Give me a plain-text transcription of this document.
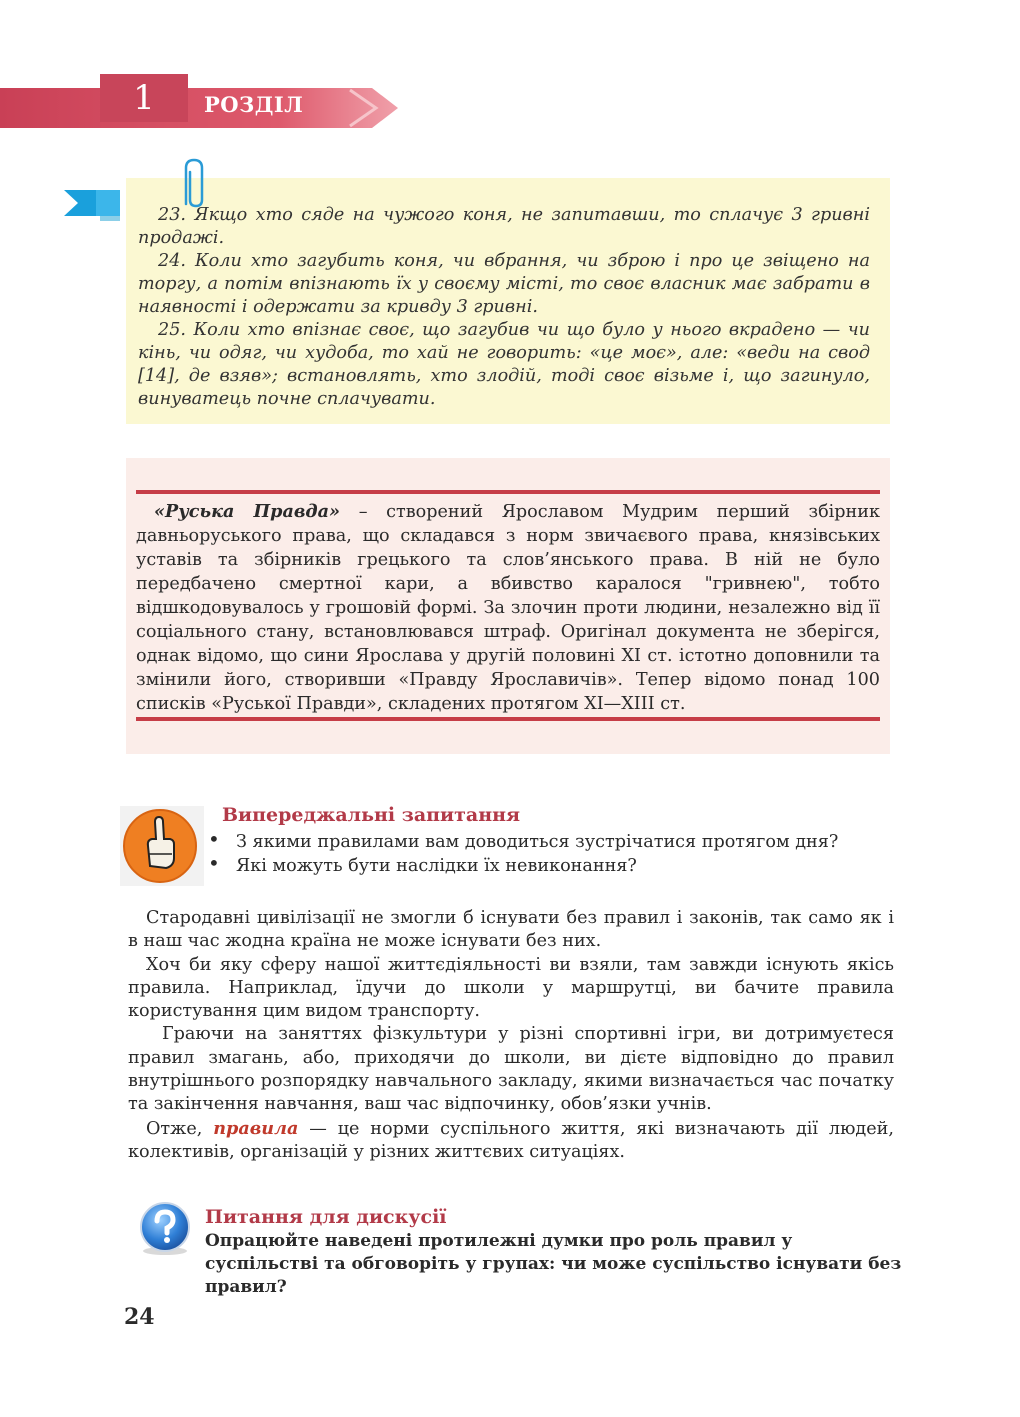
1	РОЗДІЛ

23. Якщо хто сяде на чужого коня, не запитавши, то сплачує 3 гривні продажі.

24. Коли хто загубить коня, чи вбрання, чи зброю і про це звіщено на торгу, а потім впізнають їх у своєму місті, то своє власник має забрати в наявності і одержати за кривду 3 гривні.

25. Коли хто впізнає своє, що загубив чи що було у нього вкрадено — чи кінь, чи одяг, чи худоба, то хай не говорить: «це моє», але: «веди на свод [14], де взяв»; встановлять, хто злодій, тоді своє візьме і, що загинуло, винуватець почне сплачувати.

«Руська Правда» – створений Ярославом Мудрим перший збірник давньоруського права, що складався з норм звичаєвого права, князівських уставів та збірників грецького та слов’янського права. В ній не було передбачено смертної кари, а вбивство каралося "гривнею", тобто відшкодовувалось у грошовій формі. За злочин проти людини, незалежно від її соціального стану, встановлювався штраф. Оригінал документа не зберігся, однак відомо, що сини Ярослава у другій половині XI ст. істотно доповнили та змінили його, створивши «Правду Ярославичів». Тепер відомо понад 100 списків «Руської Правди», складених протягом XI—XIII ст.

Випереджальні запитання
• З якими правилами вам доводиться зустрічатися протягом дня?
• Які можуть бути наслідки їх невиконання?

Стародавні цивілізації не змогли б існувати без правил і законів, так само як і в наш час жодна країна не може існувати без них.

Хоч би яку сферу нашої життєдіяльності ви взяли, там завжди існують якісь правила. Наприклад, їдучи до школи у маршрутці, ви бачите правила користування цим видом транспорту.

Граючи на заняттях фізкультури у різні спортивні ігри, ви дотримуєтеся правил змагань, або, приходячи до школи, ви дієте відповідно до правил внутрішнього розпорядку навчального закладу, якими визначається час початку та закінчення навчання, ваш час відпочинку, обов’язки учнів.

Отже, правила — це норми суспільного життя, які визначають дії людей, колективів, організацій у різних життєвих ситуаціях.

Питання для дискусії

Опрацюйте наведені протилежні думки про роль правил у суспільстві та обговоріть у групах: чи може суспільство існувати без правил?

24
